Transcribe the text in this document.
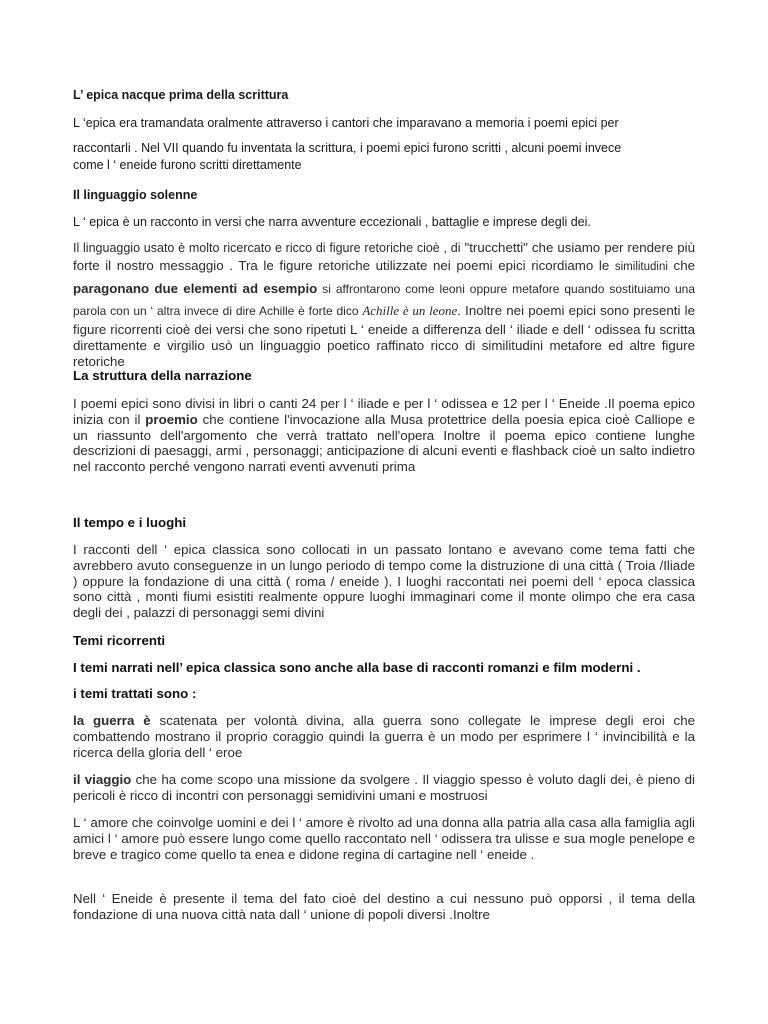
L’ epica nacque prima della scrittura

L ‘epica era tramandata oralmente attraverso i cantori che imparavano a memoria i poemi epici per

raccontarli . Nel VII quando fu inventata la scrittura, i poemi epici furono scritti , alcuni poemi invece
come l ‘ eneide furono scritti direttamente

Il linguaggio solenne

L ‘ epica è un racconto in versi che narra avventure eccezionali , battaglie e imprese degli dei.

Il linguaggio usato è molto ricercato e ricco di figure retoriche cioè , di "trucchetti" che usiamo per rendere più forte il nostro messaggio . Tra le figure retoriche utilizzate nei poemi epici ricordiamo le similitudini che paragonano due elementi ad esempio si affrontarono come leoni oppure metafore quando sostituiamo una parola con un ‘ altra invece di dire Achille è forte dico Achille è un leone. Inoltre nei poemi epici sono presenti le figure ricorrenti cioè dei versi che sono ripetuti L ‘ eneide a differenza dell ‘ iliade e dell ‘ odissea fu scritta direttamente e virgilio usò un linguaggio poetico raffinato ricco di similitudini metafore ed altre figure retoriche

La struttura della narrazione

I poemi epici sono divisi in libri o canti 24 per l ‘ iliade e per l ‘ odissea e 12 per l ‘ Eneide .Il poema epico inizia con il proemio che contiene l'invocazione alla Musa protettrice della poesia epica cioè Calliope e un riassunto dell'argomento che verrà trattato nell'opera Inoltre il poema epico contiene lunghe descrizioni di paesaggi, armi , personaggi; anticipazione di alcuni eventi e flashback cioè un salto indietro nel racconto perché vengono narrati eventi avvenuti prima

Il tempo e i luoghi

I racconti dell ‘ epica classica sono collocati in un passato lontano e avevano come tema fatti che avrebbero avuto conseguenze in un lungo periodo di tempo come la distruzione di una città ( Troia /Iliade ) oppure la fondazione di una città ( roma / eneide ). I luoghi raccontati nei poemi dell ‘ epoca classica sono città , monti fiumi esistiti realmente oppure luoghi immaginari come il monte olimpo che era casa degli dei , palazzi di personaggi semi divini

Temi ricorrenti

I temi narrati nell’ epica classica sono anche alla base di racconti romanzi e film moderni .

i temi trattati sono :

la guerra è scatenata per volontà divina, alla guerra sono collegate le imprese degli eroi che combattendo mostrano il proprio coraggio quindi la guerra è un modo per esprimere l ‘ invincibilità e la ricerca della gloria dell ‘ eroe

il viaggio che ha come scopo una missione da svolgere . Il viaggio spesso è voluto dagli dei, è pieno di pericoli è ricco di incontri con personaggi semidivini umani e mostruosi

L ‘ amore che coinvolge uomini e dei l ‘ amore è rivolto ad una donna alla patria alla casa alla famiglia agli amici l ‘ amore può essere lungo come quello raccontato nell ‘ odissera tra ulisse e sua mogle penelope e breve e tragico come quello ta enea e didone regina di cartagine nell ‘ eneide .

Nell ‘ Eneide è presente il tema del fato cioè del destino a cui nessuno può opporsi , il tema della fondazione di una nuova città nata dall ‘ unione di popoli diversi .Inoltre
